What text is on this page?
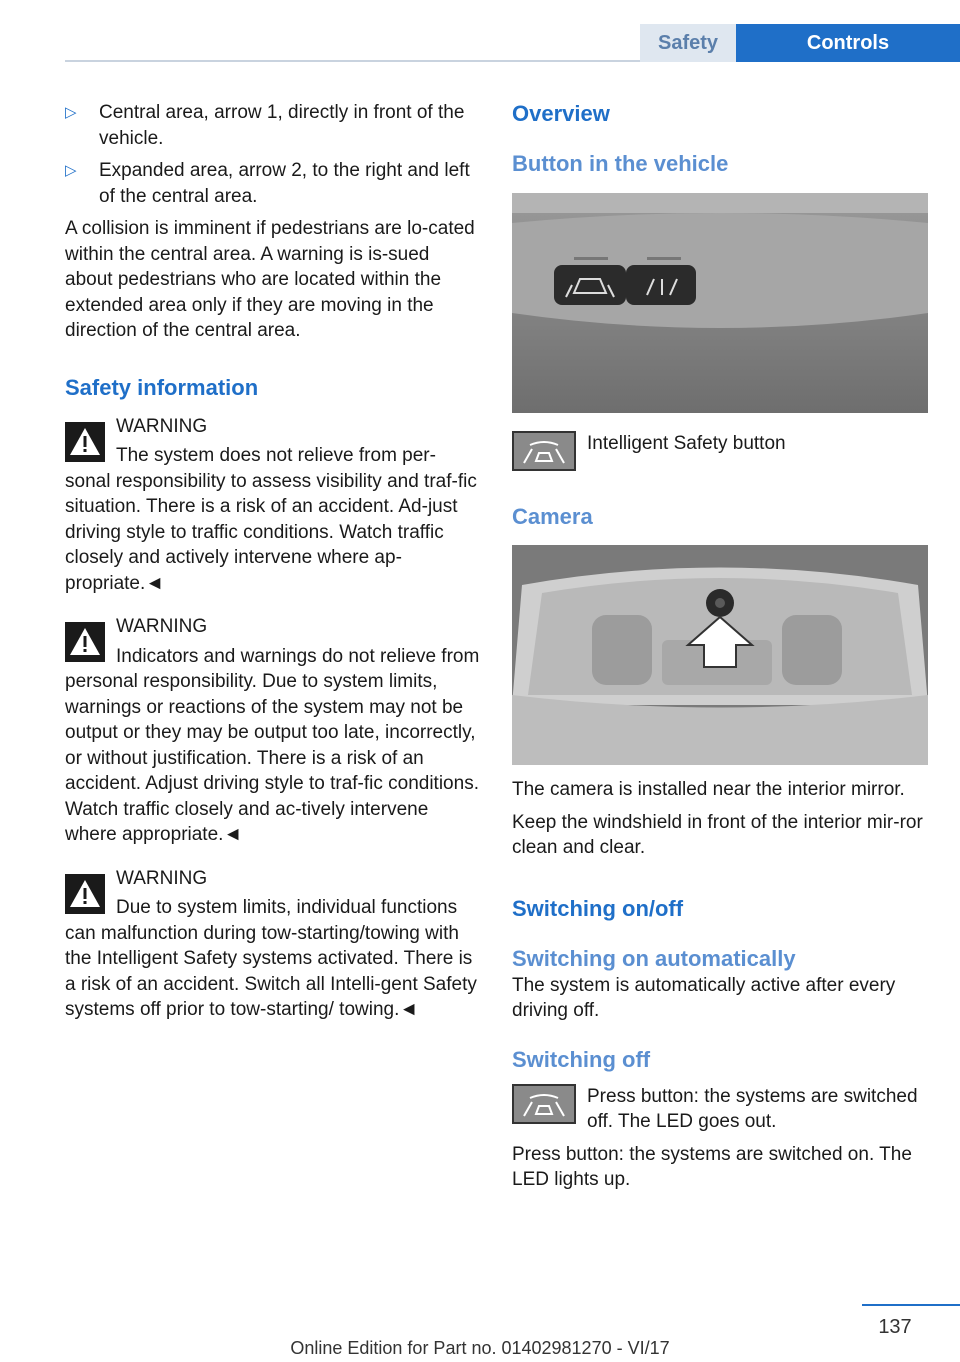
Safety	Controls
▷	Central area, arrow 1, directly in front of the vehicle.

▷	Expanded area, arrow 2, to the right and left of the central area.

A collision is imminent if pedestrians are lo-cated within the central area. A warning is is-sued about pedestrians who are located within the extended area only if they are moving in the direction of the central area.

Safety information
WARNING

The system does not relieve from per-sonal responsibility to assess visibility and traf-fic situation. There is a risk of an accident. Ad-just driving style to traffic conditions. Watch traffic closely and actively intervene where ap-propriate.◄

WARNING

Indicators and warnings do not relieve from personal responsibility. Due to system limits, warnings or reactions of the system may not be output or they may be output too late, incorrectly, or without justification. There is a risk of an accident. Adjust driving style to traf-fic conditions. Watch traffic closely and ac-tively intervene where appropriate.◄

WARNING

Due to system limits, individual functions can malfunction during tow-starting/towing with the Intelligent Safety systems activated. There is a risk of an accident. Switch all Intelli-gent Safety systems off prior to tow-starting/ towing.◄

Overview
Button in the vehicle

Intelligent Safety button

Camera

The camera is installed near the interior mirror.

Keep the windshield in front of the interior mir-ror clean and clear.

Switching on/off
Switching on automatically

The system is automatically active after every driving off.

Switching off

Press button: the systems are switched off. The LED goes out.

Press button: the systems are switched on. The LED lights up.

137
Online Edition for Part no. 01402981270 - VI/17
